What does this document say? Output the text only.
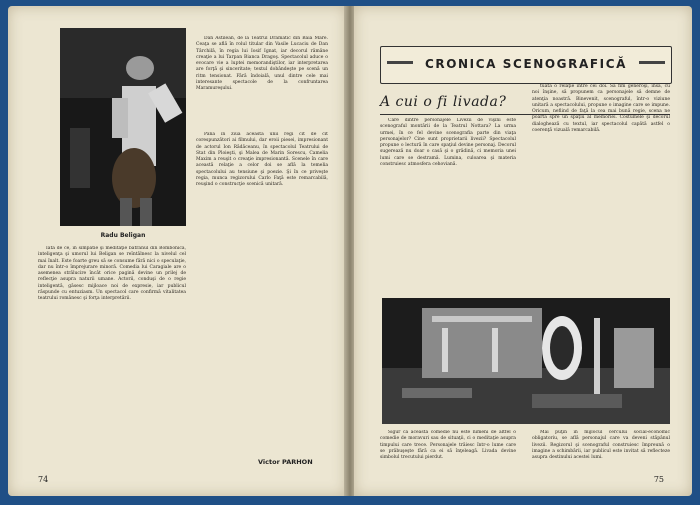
Radu Beligan

Dan Astilean, de la Teatrul Dramatic din Baia Mare. Ceaţa se află în rolul titular din Vasile Lucaciu de Dan Tărchilă, în regia lui Iosif Ignat, iar decorul rămâne creaţie a lui Tarpan Bianca Dragoş. Spectacolul aduce o evocare vie a luptei memorandiştilor, iar interpretarea are forţă şi sinceritate; textul dobândeşte pe scenă un ritm tensionat. Fără îndoială, unul dintre cele mai interesante spectacole de la confruntarea Maramureşului.

Până în ziua aceasta unii regi cit de cît corespunzători ai filmului, dar eroii piesei, impresionant de actorul Ion Rădăceanu, în spectacolul Teatrului de Stat din Ploieşti, şi Malea de Marin Sorescu, Camelia Maxim a reuşit o creaţie impresionantă. Scenele în care această relaţie a celor doi se află la temelia spectacolului au tensiune şi poezie. Şi în ce priveşte regia, munca regizorului Carlo Faţă este remarcabilă, reuşind o construcţie scenică unitară.

Iată de ce, în simpatie şi meditaţie bătrânul din Bombonica, inteligenţa şi umorul lui Beligan se reîntâlnesc la nivelul cel mai înalt. Este foarte greu să se consume fără nici o speculaţie, dar nu într-o împrejurare minoră. Comedia lui Caragiale are o asemenea strălucire încât orice pagină devine un prilej de reflecţie asupra naturii umane. Actorii, conduşi de o regie inteligentă, găsesc mijloace noi de expresie, iar publicul răspunde cu entuziasm. Un spectacol care confirmă vitalitatea teatrului românesc şi forţa interpretării.

Victor PARHON
74
CRONICA SCENOGRAFICĂ
A cui o fi livada?

Care dintre personajele Livezii de vişini este scenograful montării de la Teatrul Nottara? La urma urmei, în ce fel devine scenografia parte din viaţa personajelor? Cine sunt proprietarii livezii? Spectacolul propune o lectură în care spaţiul devine personaj. Decorul sugerează nu doar o casă şi o grădină, ci memoria unei lumi care se destramă. Lumina, culoarea şi materia construiesc atmosfera cehoviană.

tuată o relaţie între cei doi. Sa fim generoşi, însă, cu noi înşine, să propunem ca personajele să demne de atenţia noastră. Binevenit, scenograful, într-o viziune unitară a spectacolului, propune o imagine care se impune. Oricum, nefiind de faţă la cea mai bună regie, scena ne poartă spre un spaţiu al memoriei. Costumele şi decorul dialoghează cu textul, iar spectacolul capătă astfel o coerenţă vizuală remarcabilă.

Sigur că această comedie nu este nimeni de altfel o comedie de moravuri sau de situaţii, ci o meditaţie asupra timpului care trece. Personajele trăiesc într-o lume care se prăbuşeşte fără ca ei să înţeleagă. Livada devine simbolul trecutului pierdut.

Mai puţin în mijlocul cercului social-economic obligatoriu, se află personajul care va deveni stăpânul livezii. Regizorul şi scenograful construiesc împreună o imagine a schimbării, iar publicul este invitat să reflecteze asupra destinului acestei lumi.

75
